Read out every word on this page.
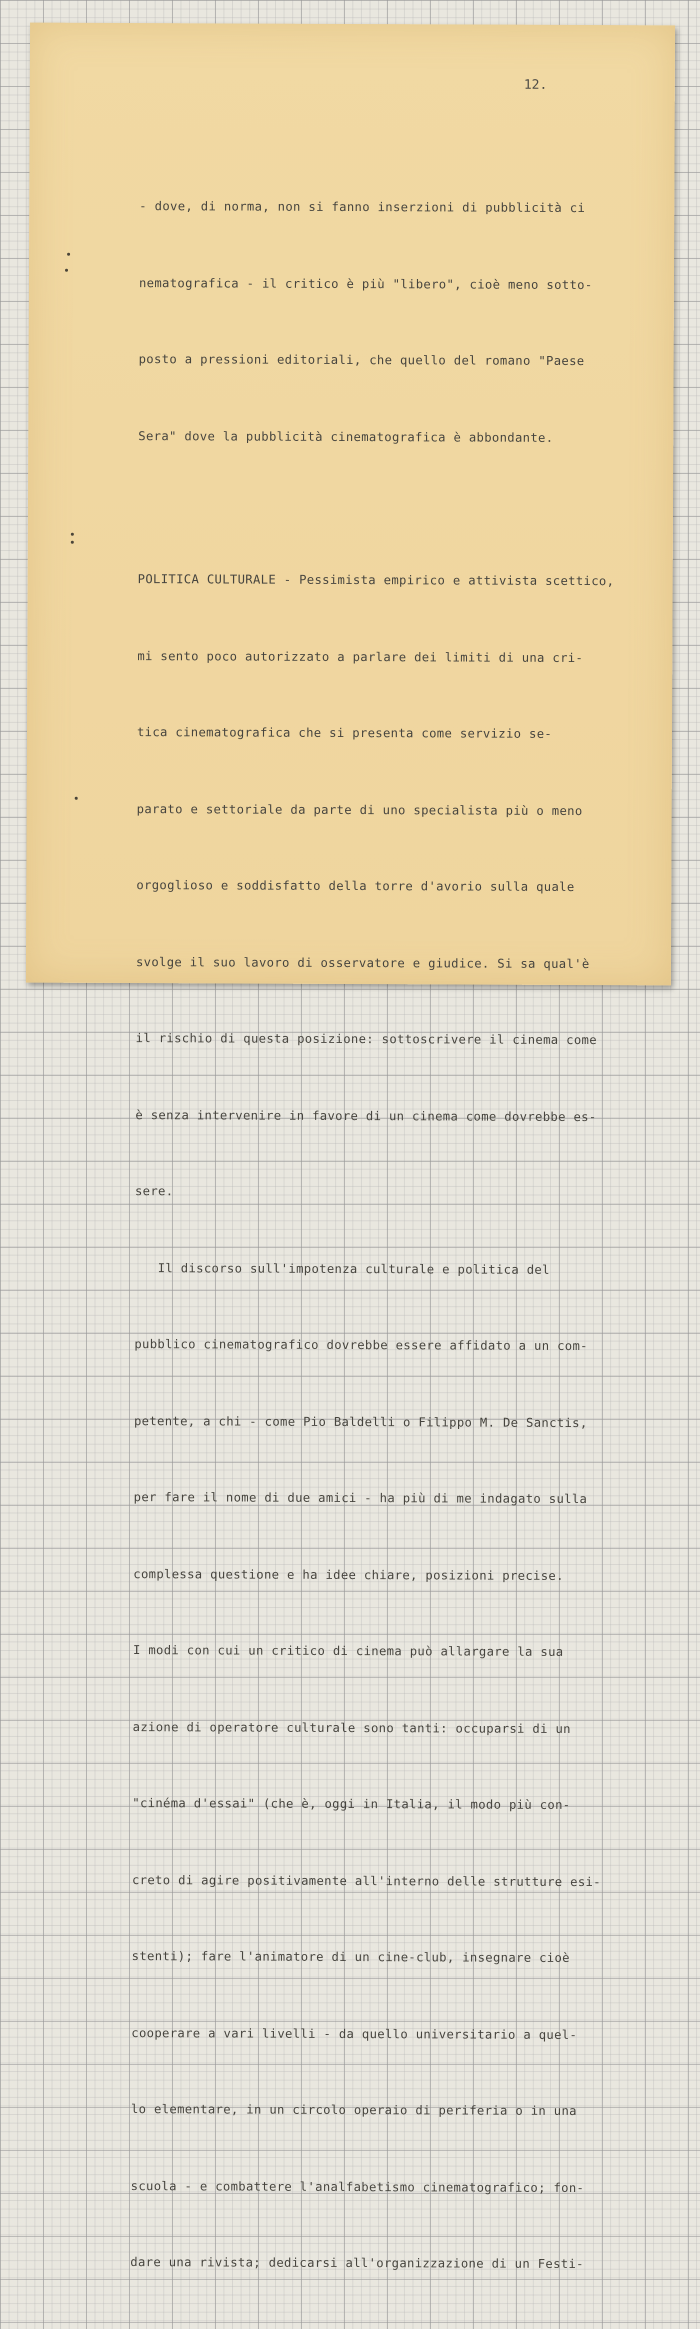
12.

- dove, di norma, non si fanno inserzioni di pubblicità ci

nematografica - il critico è più "libero", cioè meno sotto-

posto a pressioni editoriali, che quello del romano "Paese

Sera" dove la pubblicità cinematografica è abbondante.

POLITICA CULTURALE - Pessimista empirico e attivista scettico,

mi sento poco autorizzato a parlare dei limiti di una cri-

tica cinematografica che si presenta come servizio se-

parato e settoriale da parte di uno specialista più o meno

orgoglioso e soddisfatto della torre d'avorio sulla quale

svolge il suo lavoro di osservatore e giudice. Si sa qual'è

il rischio di questa posizione: sottoscrivere il cinema come

è senza intervenire in favore di un cinema come dovrebbe es-

sere.

Il discorso sull'impotenza culturale e politica del

pubblico cinematografico dovrebbe essere affidato a un com-

petente, a chi - come Pio Baldelli o Filippo M. De Sanctis,

per fare il nome di due amici - ha più di me indagato sulla

complessa questione e ha idee chiare, posizioni precise.

I modi con cui un critico di cinema può allargare la sua

azione di operatore culturale sono tanti: occuparsi di un

"cinéma d'essai" (che è, oggi in Italia, il modo più con-

creto di agire positivamente all'interno delle strutture esi-

stenti); fare l'animatore di un cine-club, insegnare cioè

cooperare a vari livelli - da quello universitario a quel-

lo elementare, in un circolo operaio di periferia o in una

scuola - e combattere l'analfabetismo cinematografico; fon-

dare una rivista; dedicarsi all'organizzazione di un Festi-
